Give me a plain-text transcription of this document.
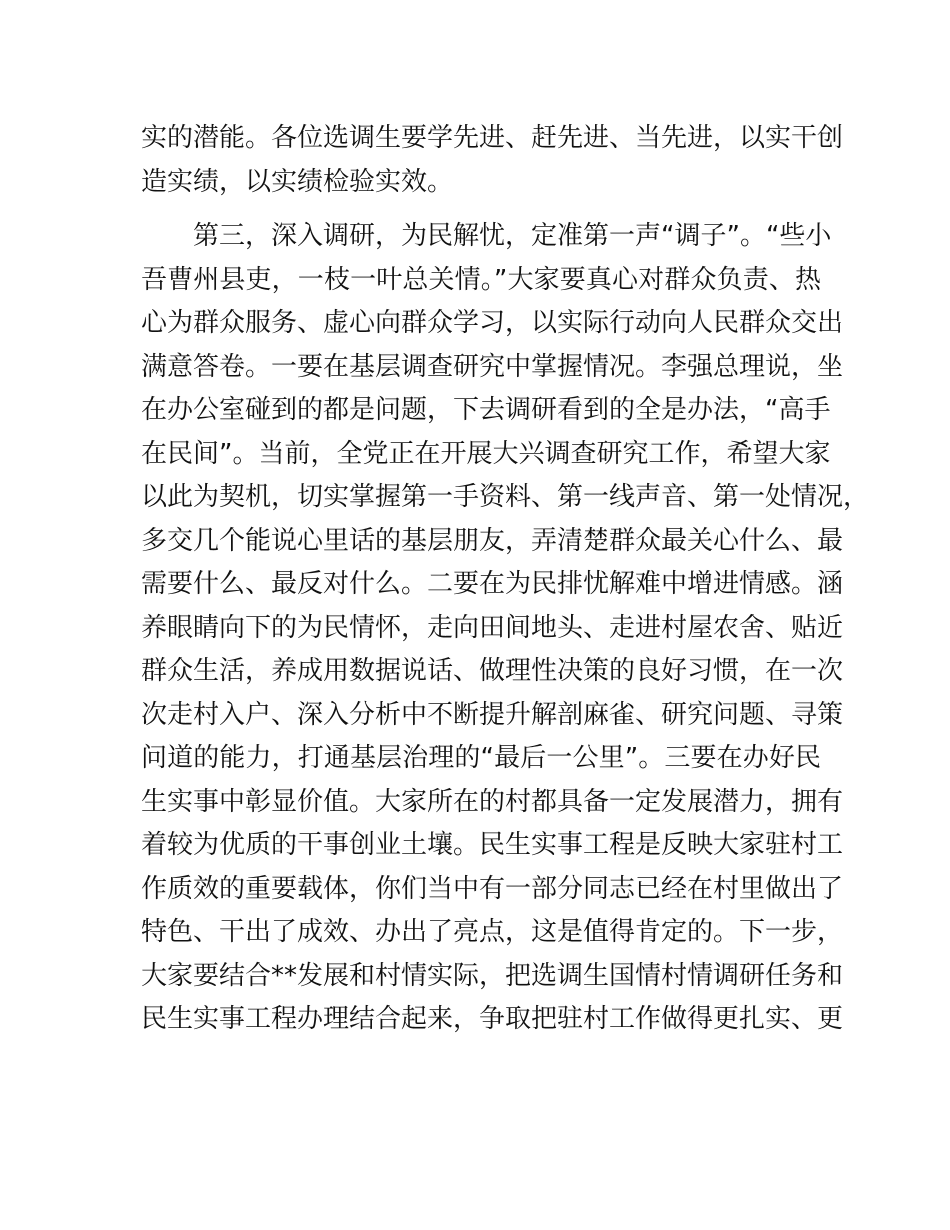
实的潜能。各位选调生要学先进、赶先进、当先进，以实干创
造实绩，以实绩检验实效。
　　第三，深入调研，为民解忧，定准第一声“调子”。“些小
吾曹州县吏，一枝一叶总关情。”大家要真心对群众负责、热
心为群众服务、虚心向群众学习，以实际行动向人民群众交出
满意答卷。一要在基层调查研究中掌握情况。李强总理说，坐
在办公室碰到的都是问题，下去调研看到的全是办法，“高手
在民间”。当前，全党正在开展大兴调查研究工作，希望大家
以此为契机，切实掌握第一手资料、第一线声音、第一处情况，
多交几个能说心里话的基层朋友，弄清楚群众最关心什么、最
需要什么、最反对什么。二要在为民排忧解难中增进情感。涵
养眼睛向下的为民情怀，走向田间地头、走进村屋农舍、贴近
群众生活，养成用数据说话、做理性决策的良好习惯，在一次
次走村入户、深入分析中不断提升解剖麻雀、研究问题、寻策
问道的能力，打通基层治理的“最后一公里”。三要在办好民
生实事中彰显价值。大家所在的村都具备一定发展潜力，拥有
着较为优质的干事创业土壤。民生实事工程是反映大家驻村工
作质效的重要载体，你们当中有一部分同志已经在村里做出了
特色、干出了成效、办出了亮点，这是值得肯定的。下一步，
大家要结合**发展和村情实际，把选调生国情村情调研任务和
民生实事工程办理结合起来，争取把驻村工作做得更扎实、更
